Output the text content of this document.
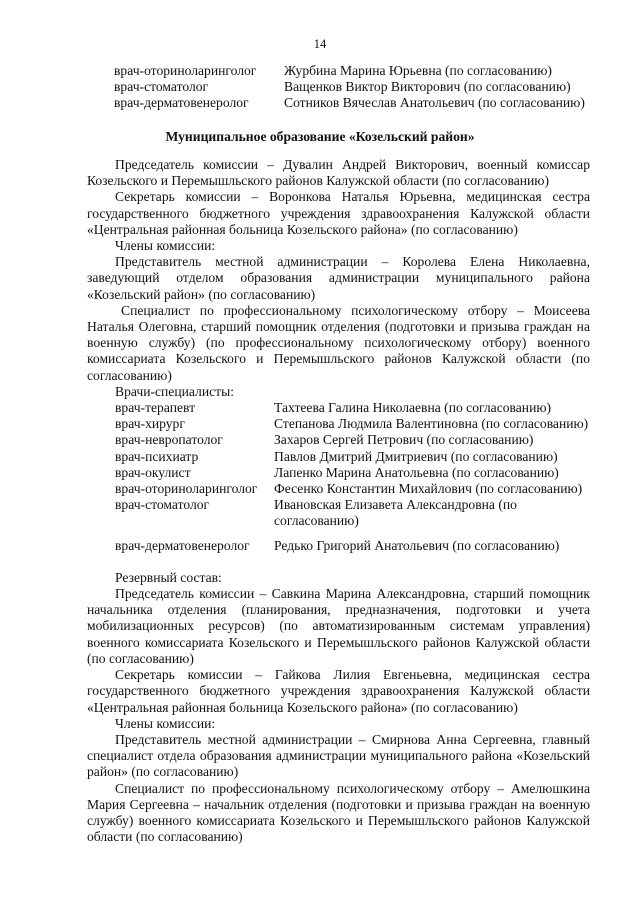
14
врач-оториноларинголог	Журбина Марина Юрьевна (по согласованию)
врач-стоматолог	Ващенков Виктор Викторович (по согласованию)
врач-дерматовенеролог	Сотников Вячеслав Анатольевич (по согласованию)
Муниципальное образование «Козельский район»

Председатель комиссии – Дувалин Андрей Викторович, военный комиссар Козельского и Перемышльского районов Калужской области (по согласованию)

Секретарь комиссии – Воронкова Наталья Юрьевна, медицинская сестра государственного бюджетного учреждения здравоохранения Калужской области «Центральная районная больница Козельского района» (по согласованию)

Члены комиссии:

Представитель местной администрации – Королева Елена Николаевна, заведующий отделом образования администрации муниципального района «Козельский район» (по согласованию)

Специалист по профессиональному психологическому отбору – Моисеева Наталья Олеговна, старший помощник отделения (подготовки и призыва граждан на военную службу) (по профессиональному психологическому отбору) военного комиссариата Козельского и Перемышльского районов Калужской области (по согласованию)

Врачи-специалисты:

врач-терапевт	Тахтеева Галина Николаевна (по согласованию)
врач-хирург	Степанова Людмила Валентиновна (по согласованию)
врач-невропатолог	Захаров Сергей Петрович (по согласованию)
врач-психиатр	Павлов Дмитрий Дмитриевич (по согласованию)
врач-окулист	Лапенко Марина Анатольевна (по согласованию)
врач-оториноларинголог	Фесенко Константин Михайлович (по согласованию)
врач-стоматолог	Ивановская Елизавета Александровна (по согласованию)
врач-дерматовенеролог	Редько Григорий Анатольевич (по согласованию)

Резервный состав:

Председатель комиссии – Савкина Марина Александровна, старший помощник начальника отделения (планирования, предназначения, подготовки и учета мобилизационных ресурсов) (по автоматизированным системам управления) военного комиссариата Козельского и Перемышльского районов Калужской области (по согласованию)

Секретарь комиссии – Гайкова Лилия Евгеньевна, медицинская сестра государственного бюджетного учреждения здравоохранения Калужской области «Центральная районная больница Козельского района» (по согласованию)

Члены комиссии:

Представитель местной администрации – Смирнова Анна Сергеевна, главный специалист отдела образования администрации муниципального района «Козельский район» (по согласованию)

Специалист по профессиональному психологическому отбору – Амелюшкина Мария Сергеевна – начальник отделения (подготовки и призыва граждан на военную службу) военного комиссариата Козельского и Перемышльского районов Калужской области (по согласованию)
